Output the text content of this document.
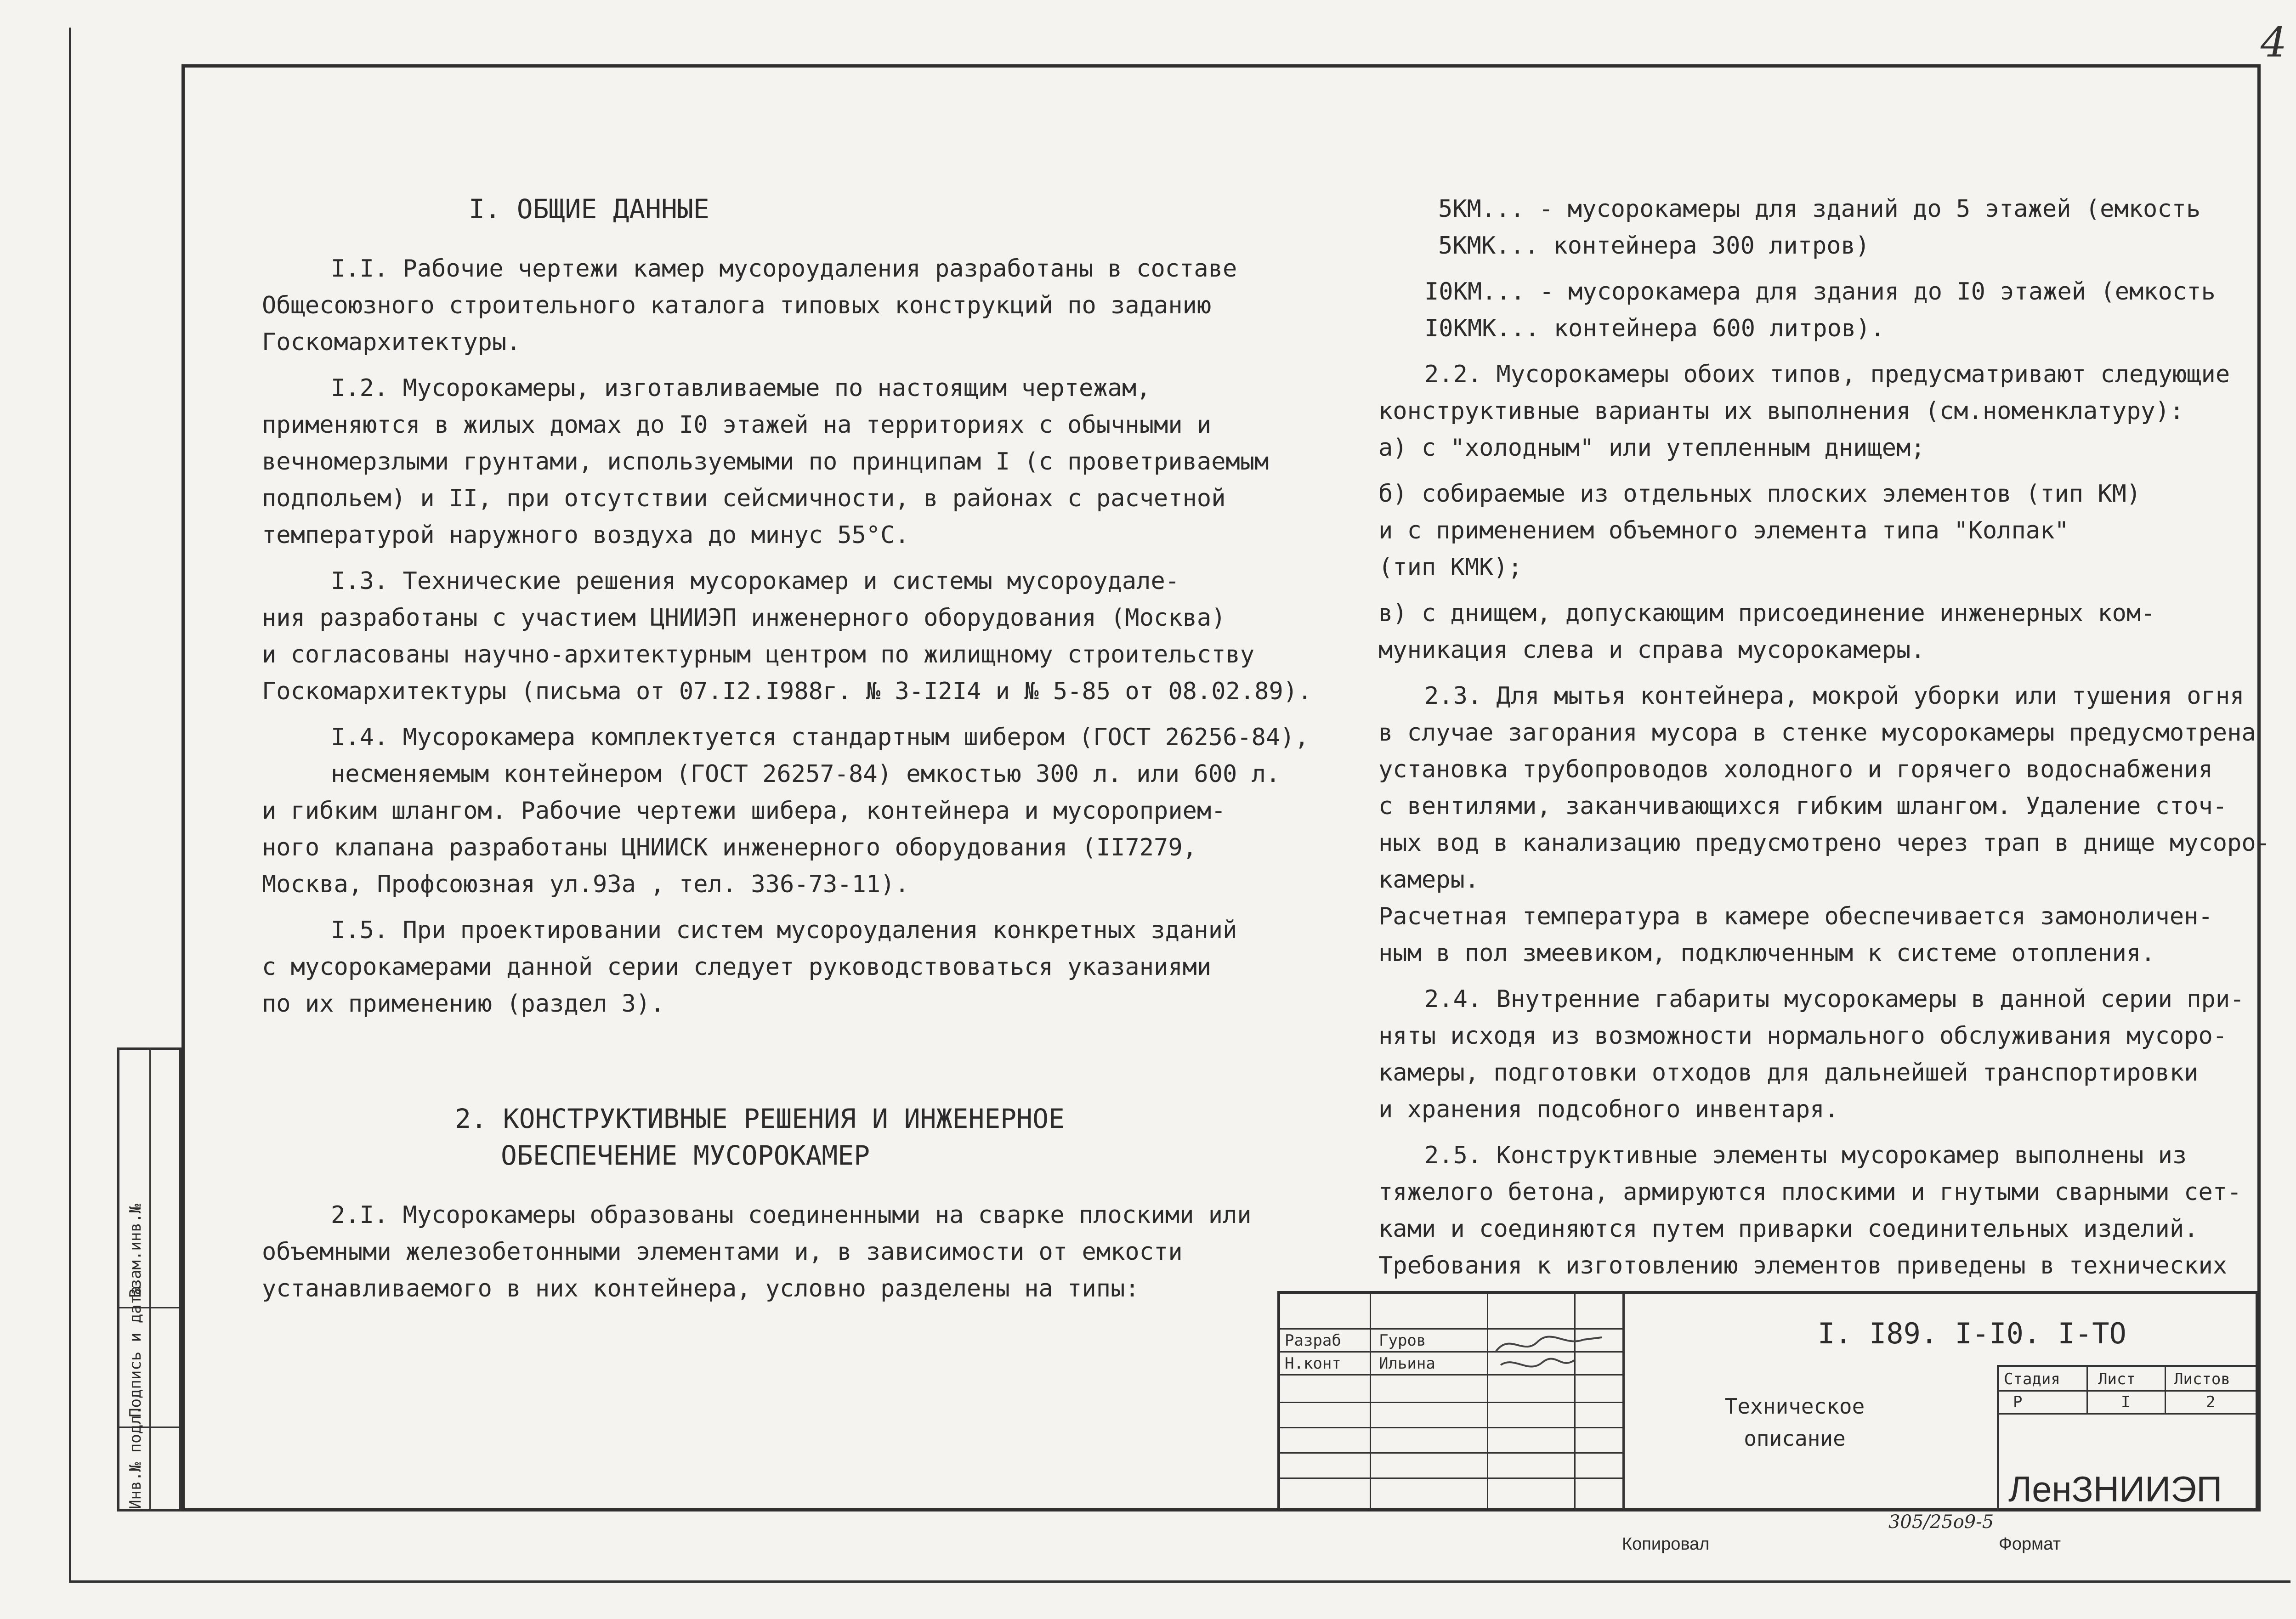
4
I. ОБЩИЕ ДАННЫЕ

I.I. Рабочие чертежи камер мусороудаления разработаны в составе

Общесоюзного строительного каталога типовых конструкций по заданию

Госкомархитектуры.

I.2. Мусорокамеры, изготавливаемые по настоящим чертежам,

применяются в жилых домах до I0 этажей на территориях с обычными и

вечномерзлыми грунтами, используемыми по принципам I (с проветриваемым

подпольем) и II, при отсутствии сейсмичности, в районах с расчетной

температурой наружного воздуха до минус 55°С.

I.3. Технические решения мусорокамер и системы мусороудале-

ния разработаны с участием ЦНИИЭП инженерного оборудования (Москва)

и согласованы научно-архитектурным центром по жилищному строительству

Госкомархитектуры (письма от 07.I2.I988г. № 3-I2I4 и № 5-85 от 08.02.89).

I.4. Мусорокамера комплектуется стандартным шибером (ГОСТ 26256-84),

несменяемым контейнером (ГОСТ 26257-84) емкостью 300 л. или 600 л.

и гибким шлангом. Рабочие чертежи шибера, контейнера и мусороприем-

ного клапана разработаны ЦНИИСК инженерного оборудования (II7279,

Москва, Профсоюзная ул.93а , тел. 336-73-11).

I.5. При проектировании систем мусороудаления конкретных зданий

с мусорокамерами данной серии следует руководствоваться указаниями

по их применению (раздел 3).

2. КОНСТРУКТИВНЫЕ РЕШЕНИЯ И ИНЖЕНЕРНОЕ
ОБЕСПЕЧЕНИЕ МУСОРОКАМЕР

2.I. Мусорокамеры образованы соединенными на сварке плоскими или

объемными железобетонными элементами и, в зависимости от емкости

устанавливаемого в них контейнера, условно разделены на типы:

5КМ... - мусорокамеры для зданий до 5 этажей (емкость

5КМК... контейнера 300 литров)

I0КМ... - мусорокамера для здания до I0 этажей (емкость

I0КМК... контейнера 600 литров).

2.2. Мусорокамеры обоих типов, предусматривают следующие

конструктивные варианты их выполнения (см.номенклатуру):

а) с "холодным" или утепленным днищем;

б) собираемые из отдельных плоских элементов (тип КМ)

и с применением объемного элемента типа "Колпак"

(тип КМК);

в) с днищем, допускающим присоединение инженерных ком-

муникация слева и справа мусорокамеры.

2.3. Для мытья контейнера, мокрой уборки или тушения огня

в случае загорания мусора в стенке мусорокамеры предусмотрена

установка трубопроводов холодного и горячего водоснабжения

с вентилями, заканчивающихся гибким шлангом. Удаление сточ-

ных вод в канализацию предусмотрено через трап в днище мусоро-

камеры.

Расчетная температура в камере обеспечивается замоноличен-

ным в пол змеевиком, подключенным к системе отопления.

2.4. Внутренние габариты мусорокамеры в данной серии при-

няты исходя из возможности нормального обслуживания мусоро-

камеры, подготовки отходов для дальнейшей транспортировки

и хранения подсобного инвентаря.

2.5. Конструктивные элементы мусорокамер выполнены из

тяжелого бетона, армируются плоскими и гнутыми сварными сет-

ками и соединяются путем приварки соединительных изделий.

Требования к изготовлению элементов приведены в технических

Инв.№ подл.
Подпись и дата
Взам.инв.№
Разраб Гуров
Н.конт Ильина
I. I89. I-I0. I-ТО
Техническое
описание
Стадия Лист Листов
Р	I	2
ЛенЗНИИЭП
Копировал	Формат
305/25о9-5
